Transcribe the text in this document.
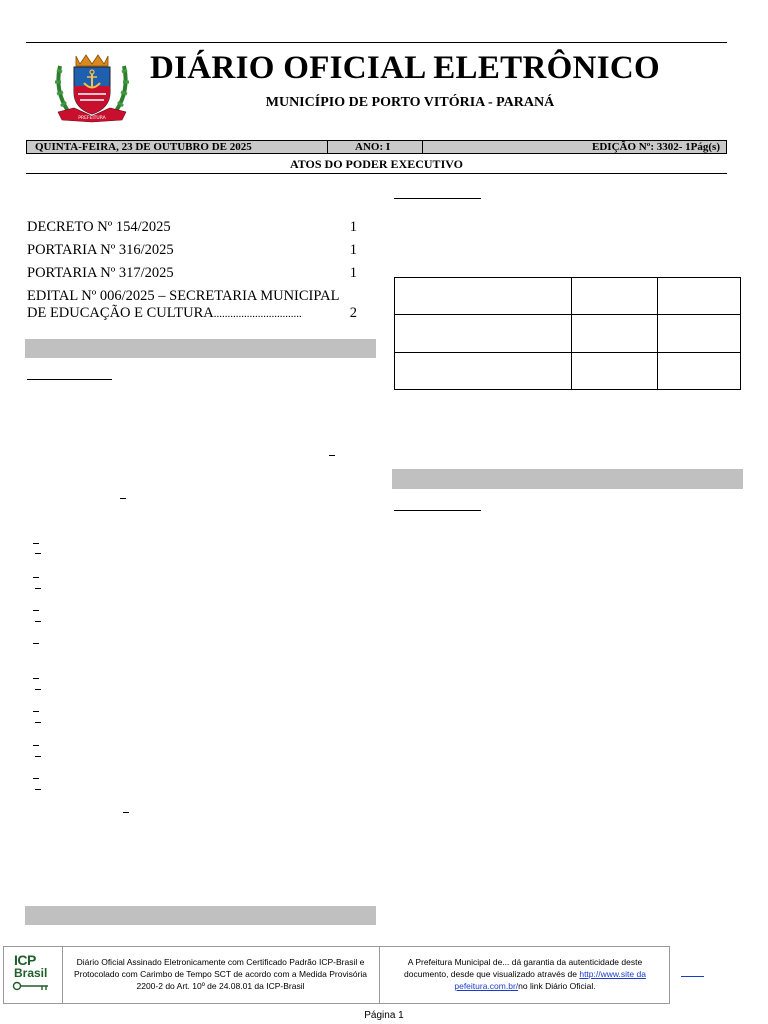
PREFEITURA
DIÁRIO OFICIAL ELETRÔNICO
MUNICÍPIO DE PORTO VITÓRIA - PARANÁ
QUINTA-FEIRA, 23 DE OUTUBRO DE 2025	ANO: I	EDIÇÃO Nº: 3302- 1Pág(s)
ATOS DO PODER EXECUTIVO
DECRETO Nº 154/2025	1
PORTARIA Nº 316/2025	1
PORTARIA Nº 317/2025	1
EDITAL Nº 006/2025 – SECRETARIA MUNICIPAL
DE EDUCAÇÃO E CULTURA................................	2

ICP
Brasil
Diário Oficial Assinado Eletronicamente com Certificado Padrão ICP-Brasil e Protocolado com Carimbo de Tempo SCT de acordo com a Medida Provisória 2200-2 do Art. 10º de 24.08.01 da ICP-Brasil
A Prefeitura Municipal de... dá garantia da autenticidade deste documento, desde que visualizado através de http://www.site da pefeitura.com.br/no link Diário Oficial.
Página 1
